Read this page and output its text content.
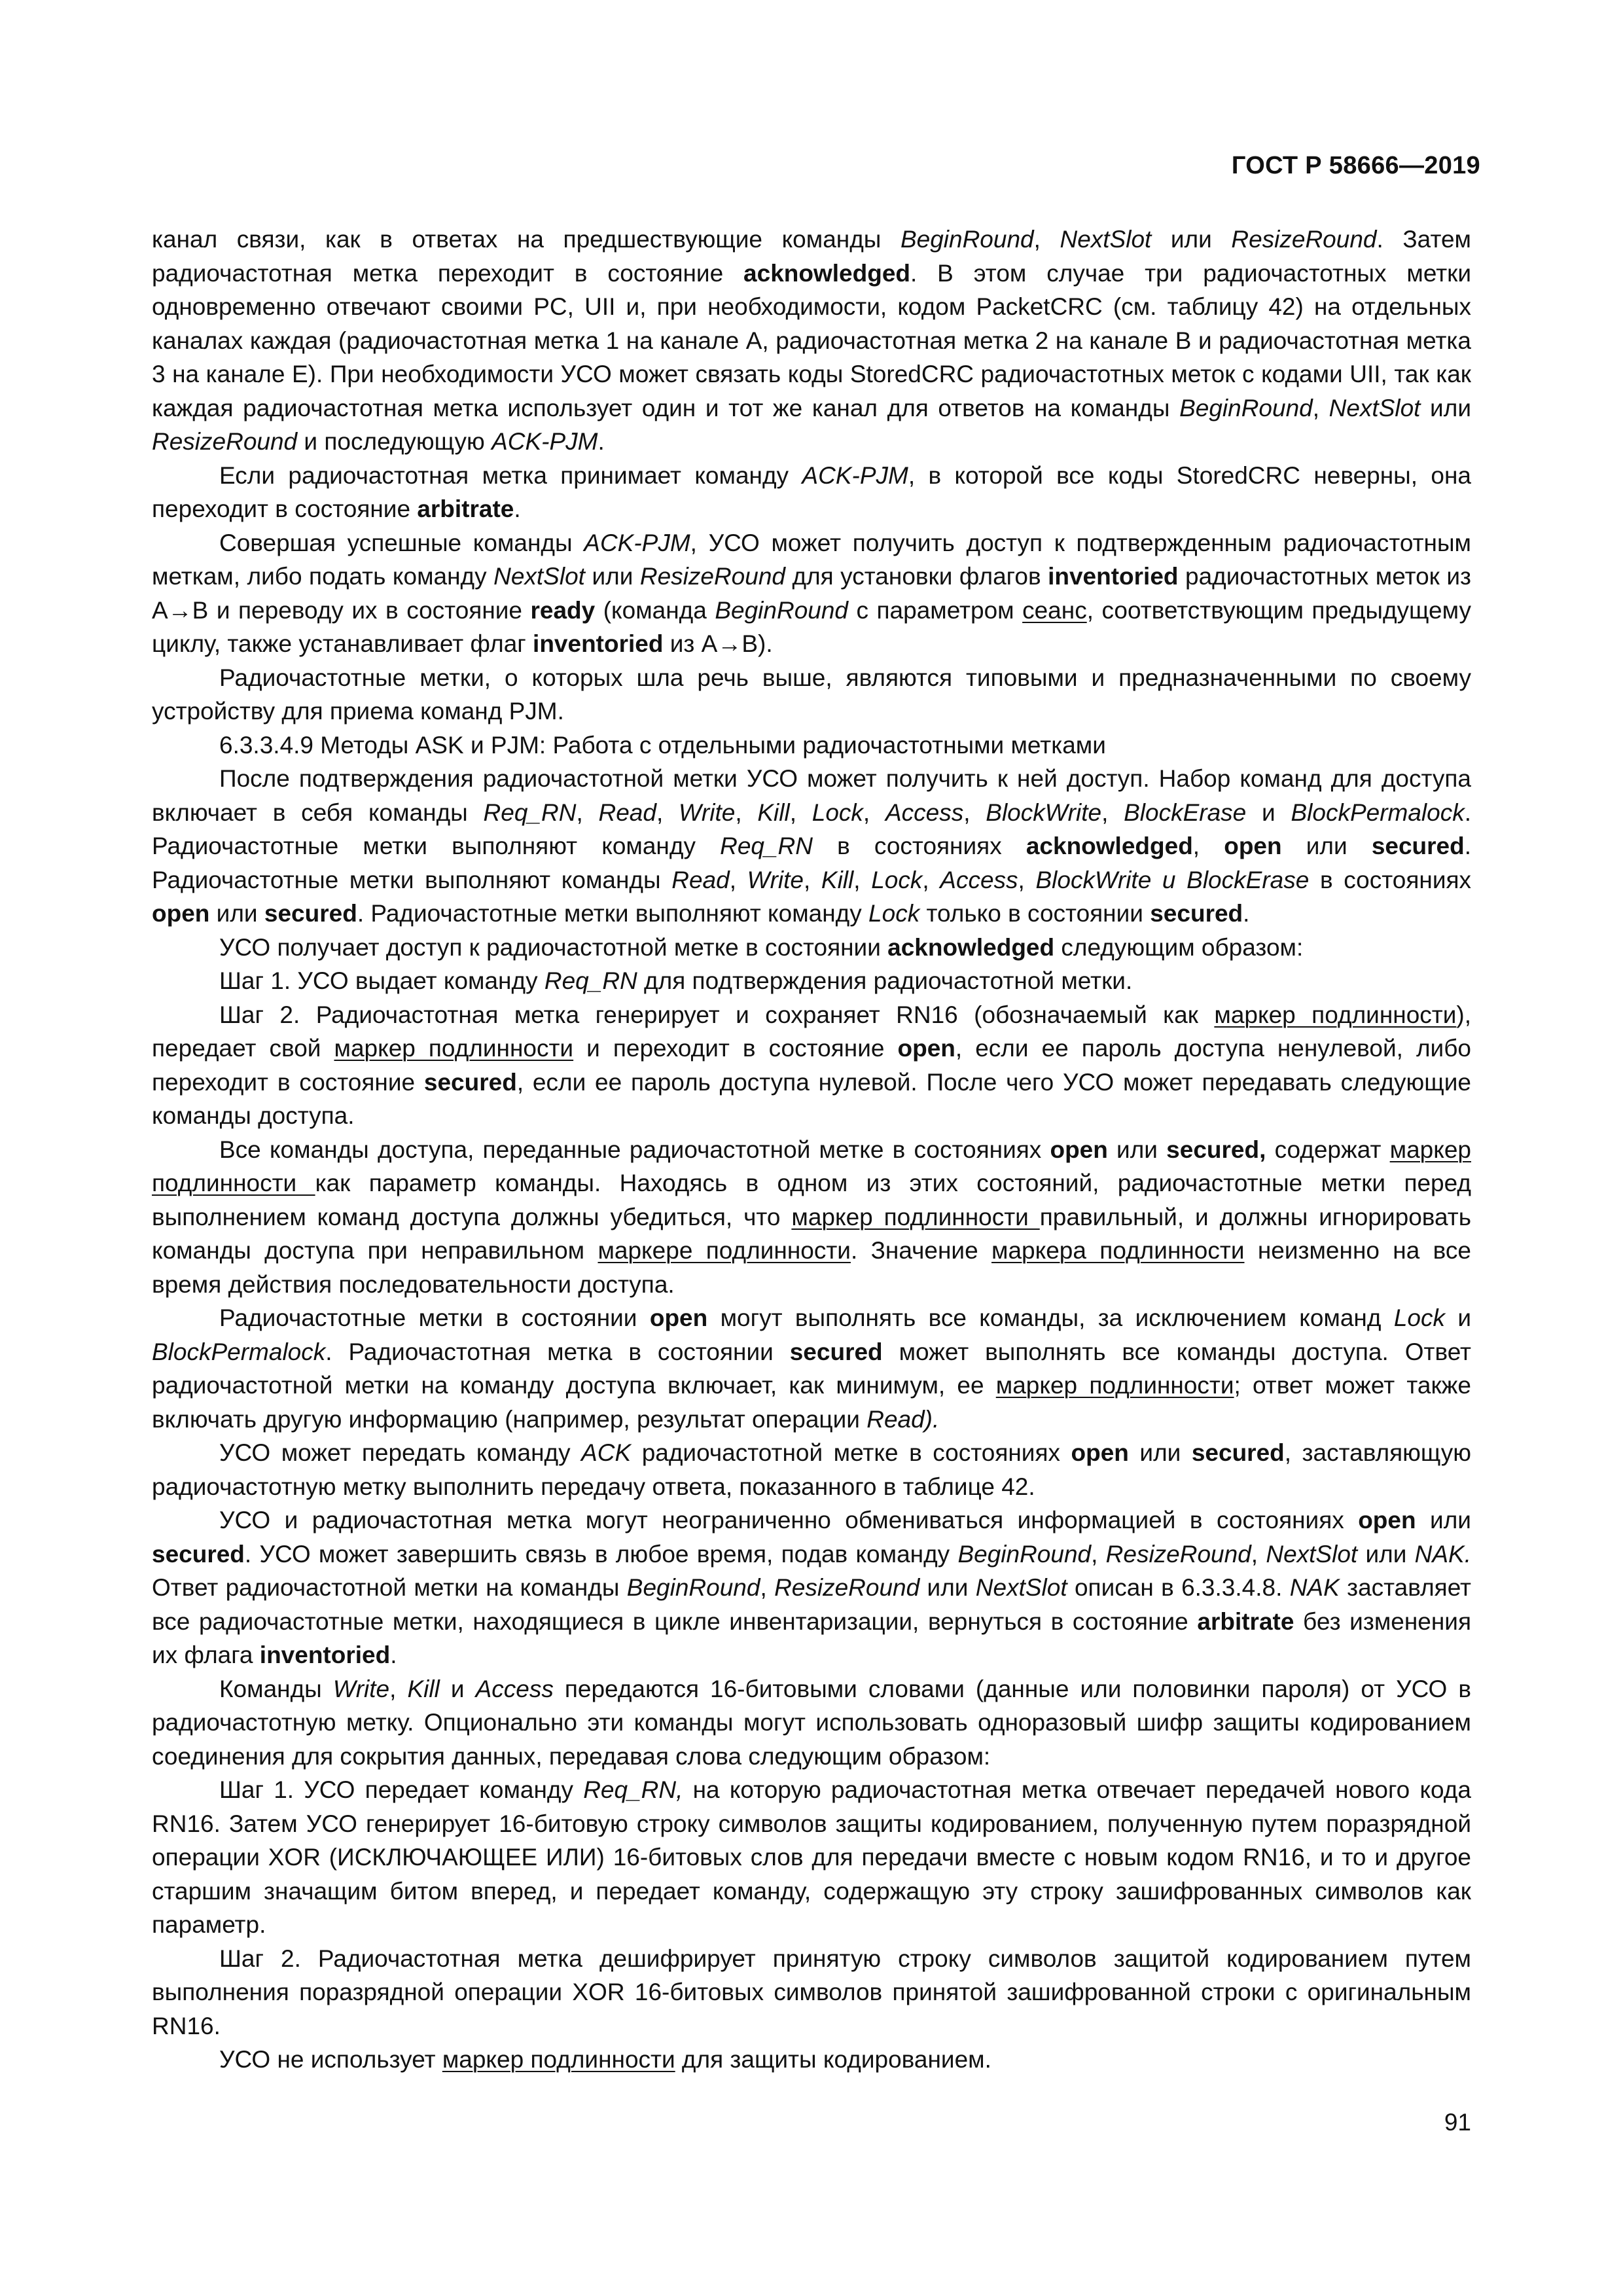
ГОСТ Р 58666—2019

канал связи, как в ответах на предшествующие команды BeginRound, NextSlot или ResizeRound. Затем радиочастотная метка переходит в состояние acknowledged. В этом случае три радиочастотных метки одновременно отвечают своими PC, UII и, при необходимости, кодом PacketCRC (см. таблицу 42) на отдельных каналах каждая (радиочастотная метка 1 на канале A, радиочастотная метка 2 на канале B и радиочастотная метка 3 на канале E). При необходимости УСО может связать коды StoredCRC радиочастотных меток с кодами UII, так как каждая радиочастотная метка использует один и тот же канал для ответов на команды BeginRound, NextSlot или ResizeRound и последующую ACK-PJM.

Если радиочастотная метка принимает команду ACK-PJM, в которой все коды StoredCRC неверны, она переходит в состояние arbitrate.

Совершая успешные команды ACK-PJM, УСО может получить доступ к подтвержденным радиочастотным меткам, либо подать команду NextSlot или ResizeRound для установки флагов inventoried радиочастотных меток из A→B и переводу их в состояние ready (команда BeginRound с параметром сеанс, соответствующим предыдущему циклу, также устанавливает флаг inventoried из A→B).

Радиочастотные метки, о которых шла речь выше, являются типовыми и предназначенными по своему устройству для приема команд PJM.

6.3.3.4.9 Методы ASK и PJM: Работа с отдельными радиочастотными метками

После подтверждения радиочастотной метки УСО может получить к ней доступ. Набор команд для доступа включает в себя команды Req_RN, Read, Write, Kill, Lock, Access, BlockWrite, BlockErase и BlockPermalock. Радиочастотные метки выполняют команду Req_RN в состояниях acknowledged, open или secured. Радиочастотные метки выполняют команды Read, Write, Kill, Lock, Access, BlockWrite и BlockErase в состояниях open или secured. Радиочастотные метки выполняют команду Lock только в состоянии secured.

УСО получает доступ к радиочастотной метке в состоянии acknowledged следующим образом:

Шаг 1. УСО выдает команду Req_RN для подтверждения радиочастотной метки.

Шаг 2. Радиочастотная метка генерирует и сохраняет RN16 (обозначаемый как маркер подлинности), передает свой маркер подлинности и переходит в состояние open, если ее пароль доступа ненулевой, либо переходит в состояние secured, если ее пароль доступа нулевой. После чего УСО может передавать следующие команды доступа.

Все команды доступа, переданные радиочастотной метке в состояниях open или secured, содержат маркер подлинности как параметр команды. Находясь в одном из этих состояний, радиочастотные метки перед выполнением команд доступа должны убедиться, что маркер подлинности правильный, и должны игнорировать команды доступа при неправильном маркере подлинности. Значение маркера подлинности неизменно на все время действия последовательности доступа.

Радиочастотные метки в состоянии open могут выполнять все команды, за исключением команд Lock и BlockPermalock. Радиочастотная метка в состоянии secured может выполнять все команды доступа. Ответ радиочастотной метки на команду доступа включает, как минимум, ее маркер подлинности; ответ может также включать другую информацию (например, результат операции Read).

УСО может передать команду ACK радиочастотной метке в состояниях open или secured, заставляющую радиочастотную метку выполнить передачу ответа, показанного в таблице 42.

УСО и радиочастотная метка могут неограниченно обмениваться информацией в состояниях open или secured. УСО может завершить связь в любое время, подав команду BeginRound, ResizeRound, NextSlot или NAK. Ответ радиочастотной метки на команды BeginRound, ResizeRound или NextSlot описан в 6.3.3.4.8. NAK заставляет все радиочастотные метки, находящиеся в цикле инвентаризации, вернуться в состояние arbitrate без изменения их флага inventoried.

Команды Write, Kill и Access передаются 16-битовыми словами (данные или половинки пароля) от УСО в радиочастотную метку. Опционально эти команды могут использовать одноразовый шифр защиты кодированием соединения для сокрытия данных, передавая слова следующим образом:

Шаг 1. УСО передает команду Req_RN, на которую радиочастотная метка отвечает передачей нового кода RN16. Затем УСО генерирует 16-битовую строку символов защиты кодированием, полученную путем поразрядной операции XOR (ИСКЛЮЧАЮЩЕЕ ИЛИ) 16-битовых слов для передачи вместе с новым кодом RN16, и то и другое старшим значащим битом вперед, и передает команду, содержащую эту строку зашифрованных символов как параметр.

Шаг 2. Радиочастотная метка дешифрирует принятую строку символов защитой кодированием путем выполнения поразрядной операции XOR 16-битовых символов принятой зашифрованной строки с оригинальным RN16.

УСО не использует маркер подлинности для защиты кодированием.

91
